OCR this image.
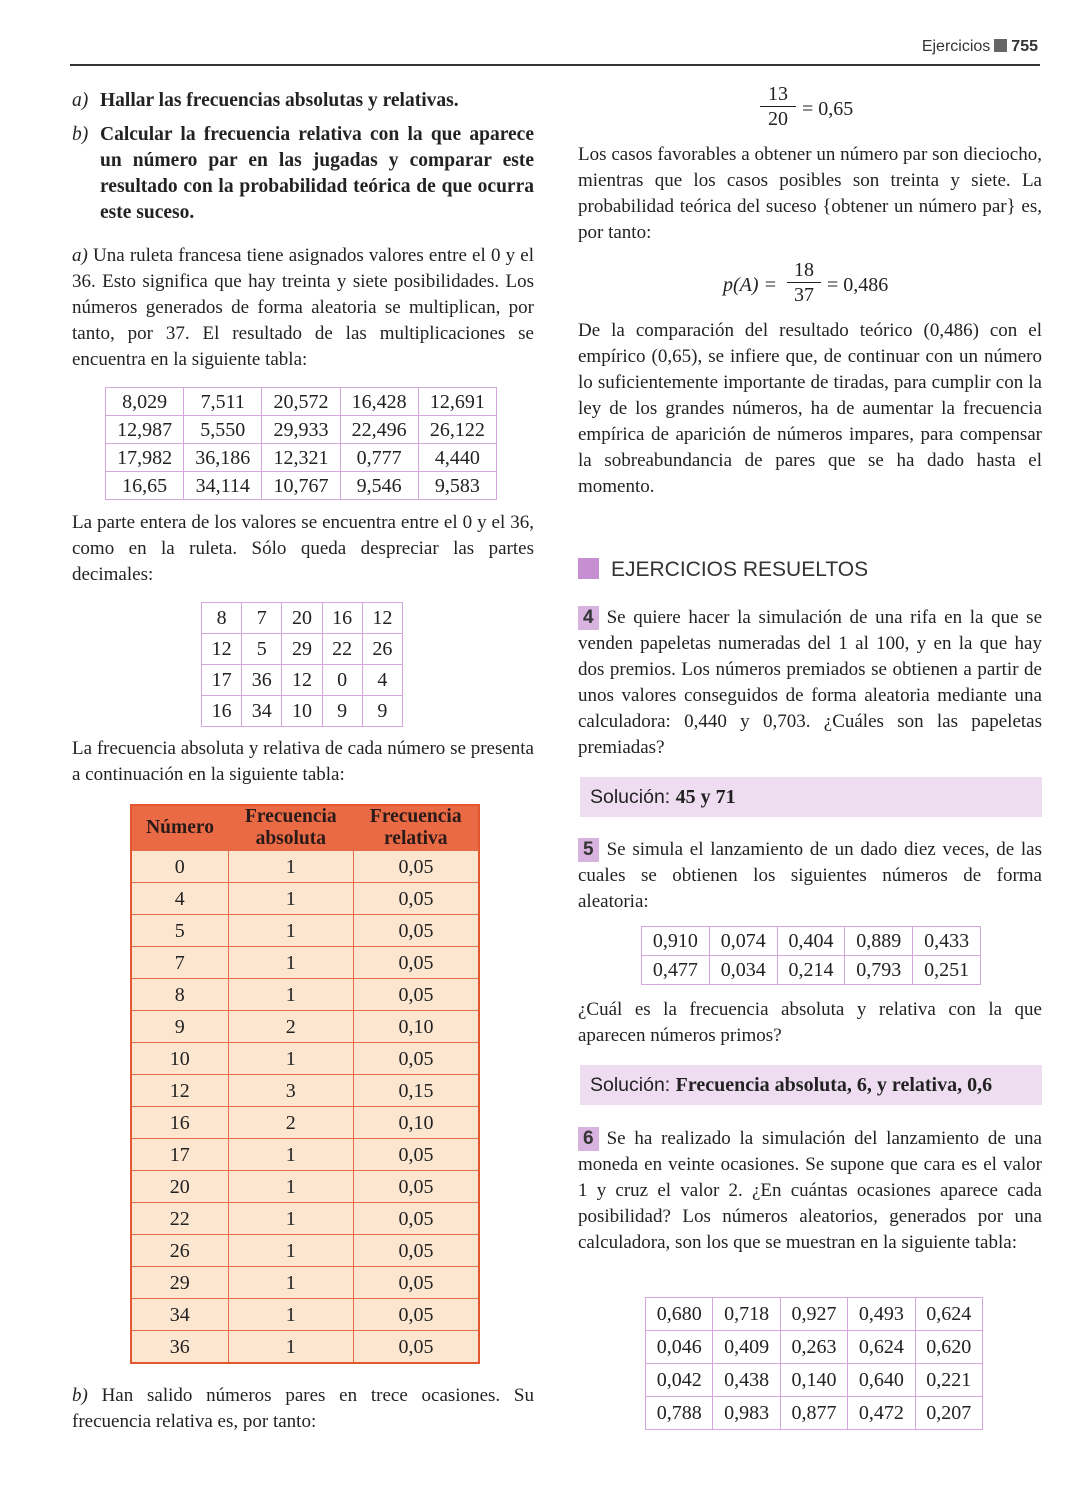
Ejercicios 755
a) Hallar las frecuencias absolutas y relativas.
b) Calcular la frecuencia relativa con la que aparece un número par en las jugadas y comparar este resultado con la probabilidad teórica de que ocurra este suceso.

a) Una ruleta francesa tiene asignados valores entre el 0 y el 36. Esto significa que hay treinta y siete posibilidades. Los números generados de forma aleatoria se multiplican, por tanto, por 37. El resultado de las multiplicaciones se encuentra en la siguiente tabla:

8,029	7,511	20,572	16,428	12,691
12,987	5,550	29,933	22,496	26,122
17,982	36,186	12,321	0,777	4,440
16,65	34,114	10,767	9,546	9,583

La parte entera de los valores se encuentra entre el 0 y el 36, como en la ruleta. Sólo queda despreciar las partes decimales:

8	7	20	16	12
12	5	29	22	26
17	36	12	0	4
16	34	10	9	9

La frecuencia absoluta y relativa de cada número se presenta a continuación en la siguiente tabla:

Número	Frecuencia absoluta	Frecuencia relativa
0	1	0,05
4	1	0,05
5	1	0,05
7	1	0,05
8	1	0,05
9	2	0,10
10	1	0,05
12	3	0,15
16	2	0,10
17	1	0,05
20	1	0,05
22	1	0,05
26	1	0,05
29	1	0,05
34	1	0,05
36	1	0,05

b) Han salido números pares en trece ocasiones. Su frecuencia relativa es, por tanto:

13
20 = 0,65

Los casos favorables a obtener un número par son dieciocho, mientras que los casos posibles son treinta y siete. La probabilidad teórica del suceso {obtener un número par} es, por tanto:

p(A) =
18
37 = 0,486

De la comparación del resultado teórico (0,486) con el empírico (0,65), se infiere que, de continuar con un número lo suficientemente importante de tiradas, para cumplir con la ley de los grandes números, ha de aumentar la frecuencia empírica de aparición de números impares, para compensar la sobreabundancia de pares que se ha dado hasta el momento.

EJERCICIOS RESUELTOS

4 Se quiere hacer la simulación de una rifa en la que se venden papeletas numeradas del 1 al 100, y en la que hay dos premios. Los números premiados se obtienen a partir de unos valores conseguidos de forma aleatoria mediante una calculadora: 0,440 y 0,703. ¿Cuáles son las papeletas premiadas?

Solución: 45 y 71

5 Se simula el lanzamiento de un dado diez veces, de las cuales se obtienen los siguientes números de forma aleatoria:

0,910	0,074	0,404	0,889	0,433
0,477	0,034	0,214	0,793	0,251

¿Cuál es la frecuencia absoluta y relativa con la que aparecen números primos?

Solución: Frecuencia absoluta, 6, y relativa, 0,6

6 Se ha realizado la simulación del lanzamiento de una moneda en veinte ocasiones. Se supone que cara es el valor 1 y cruz el valor 2. ¿En cuántas ocasiones aparece cada posibilidad? Los números aleatorios, generados por una calculadora, son los que se muestran en la siguiente tabla:

0,680	0,718	0,927	0,493	0,624
0,046	0,409	0,263	0,624	0,620
0,042	0,438	0,140	0,640	0,221
0,788	0,983	0,877	0,472	0,207
